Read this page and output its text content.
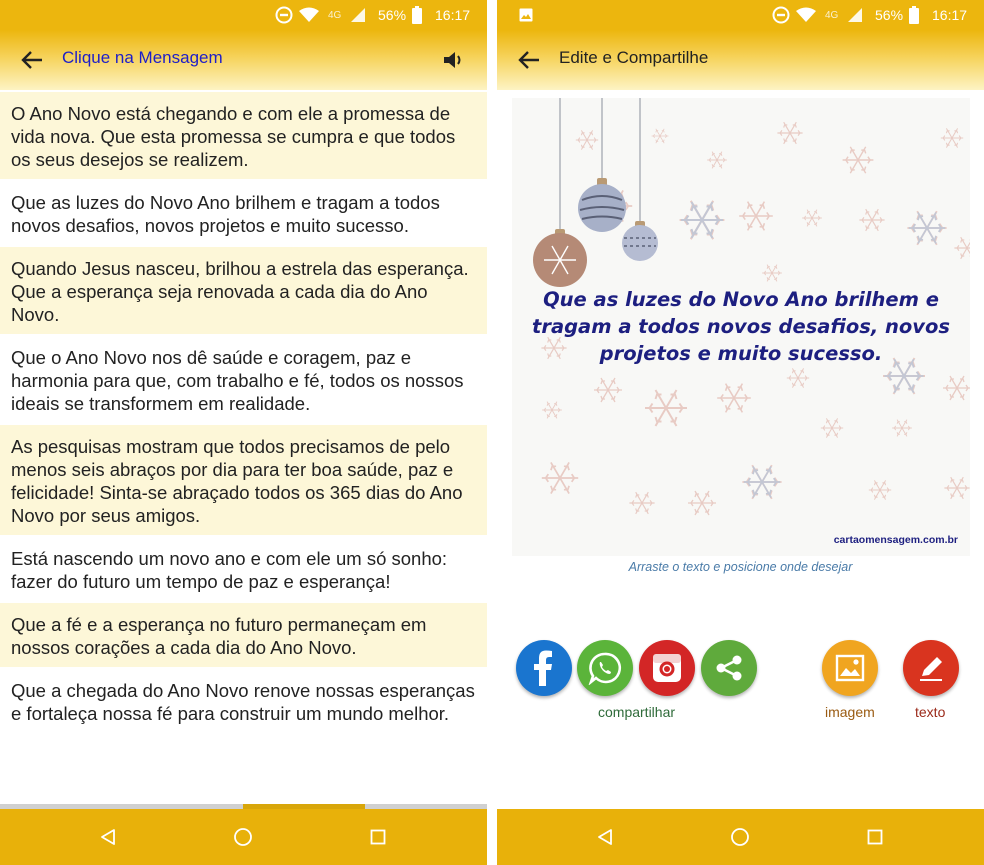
4G	56% 16:17
Clique na Mensagem
O Ano Novo está chegando e com ele a promessa de vida nova. Que esta promessa se cumpra e que todos os seus desejos se realizem.
Que as luzes do Novo Ano brilhem e tragam a todos novos desafios, novos projetos e muito sucesso.
Quando Jesus nasceu, brilhou a estrela das esperança. Que a esperança seja renovada a cada dia do Ano Novo.
Que o Ano Novo nos dê saúde e coragem, paz e harmonia para que, com trabalho e fé, todos os nossos ideais se transformem em realidade.
As pesquisas mostram que todos precisamos de pelo menos seis abraços por dia para ter boa saúde, paz e felicidade! Sinta-se abraçado todos os 365 dias do Ano Novo por seus amigos.
Está nascendo um novo ano e com ele um só sonho: fazer do futuro um tempo de paz e esperança!
Que a fé e a esperança no futuro permaneçam em nossos corações a cada dia do Ano Novo.
Que a chegada do Ano Novo renove nossas esperanças e fortaleça nossa fé para construir um mundo melhor.
4G	56% 16:17
Edite e Compartilhe
Que as luzes do Novo Ano brilhem e tragam a todos novos desafios, novos projetos e muito sucesso.
cartaomensagem.com.br
Arraste o texto e posicione onde desejar
compartilhar	imagem	texto
